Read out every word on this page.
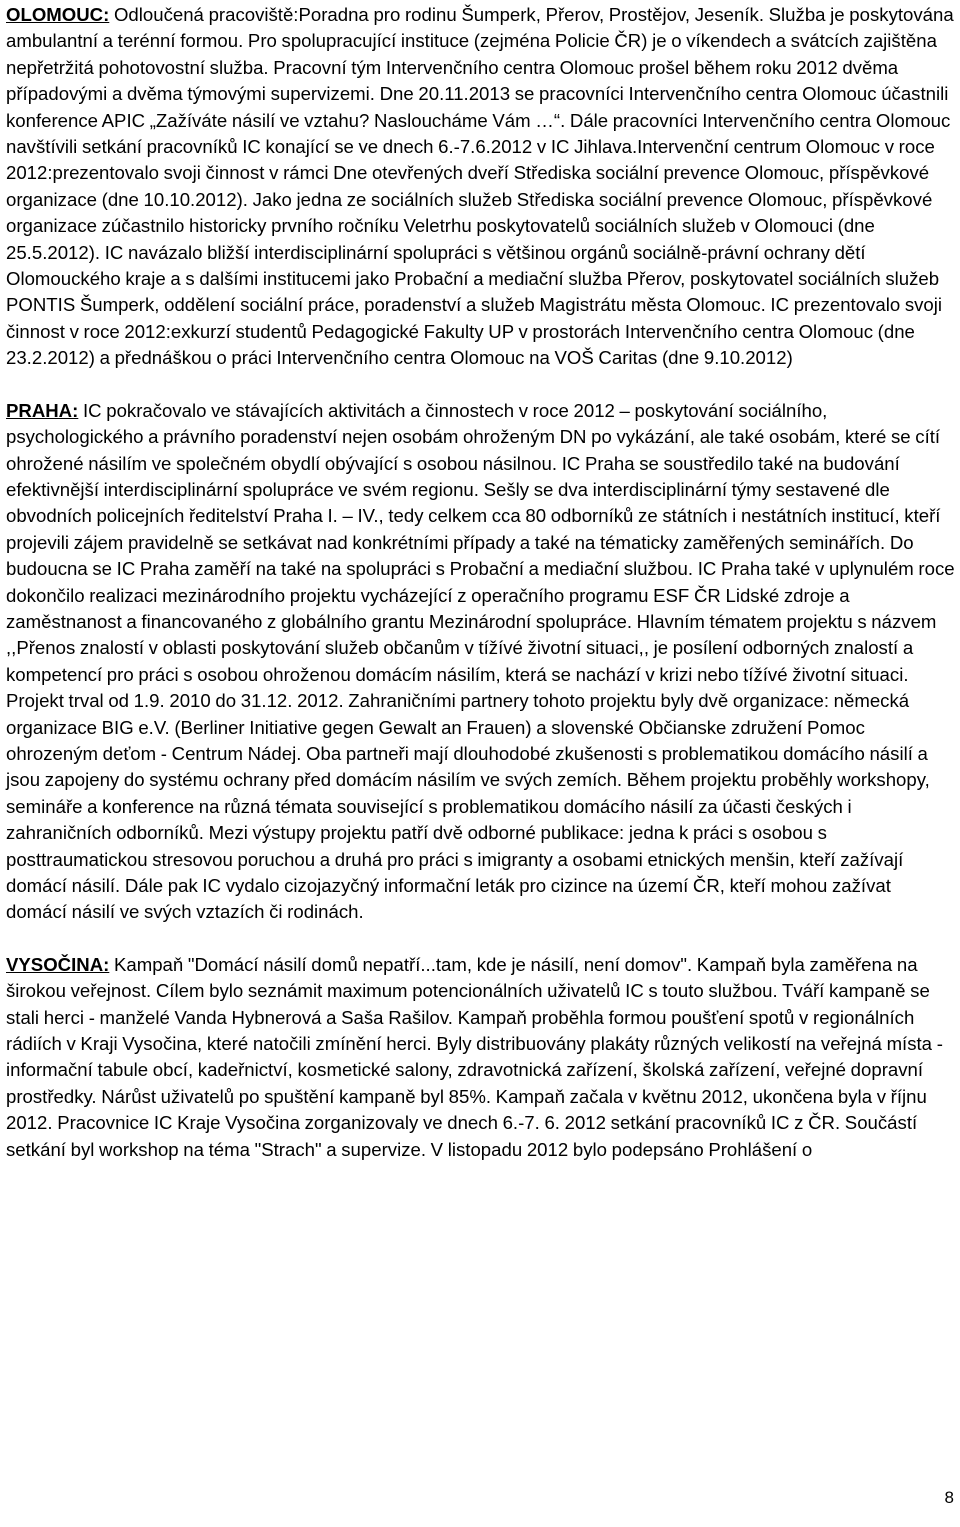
OLOMOUC: Odloučená pracoviště:Poradna pro rodinu Šumperk, Přerov, Prostějov, Jeseník. Služba je poskytována ambulantní a terénní formou. Pro spolupracující instituce (zejména Policie ČR) je o víkendech a svátcích zajištěna nepřetržitá pohotovostní služba. Pracovní tým Intervenčního centra Olomouc prošel během roku 2012 dvěma případovými a dvěma týmovými supervizemi. Dne 20.11.2013 se pracovníci Intervenčního centra Olomouc účastnili konference APIC „Zažíváte násilí ve vztahu? Nasloucháme Vám …“. Dále pracovníci Intervenčního centra Olomouc navštívili setkání pracovníků IC konající se ve dnech 6.-7.6.2012 v IC Jihlava.Intervenční centrum Olomouc v roce 2012:prezentovalo svoji činnost v rámci Dne otevřených dveří Střediska sociální prevence Olomouc, příspěvkové organizace (dne 10.10.2012). Jako jedna ze sociálních služeb Střediska sociální prevence Olomouc, příspěvkové organizace zúčastnilo historicky prvního ročníku Veletrhu poskytovatelů sociálních služeb v Olomouci (dne 25.5.2012). IC navázalo bližší interdisciplinární spolupráci s většinou orgánů sociálně-právní ochrany dětí Olomouckého kraje a s dalšími institucemi jako Probační a mediační služba Přerov, poskytovatel sociálních služeb PONTIS Šumperk, oddělení sociální práce, poradenství a služeb Magistrátu města Olomouc. IC prezentovalo svoji činnost v roce 2012:exkurzí studentů Pedagogické Fakulty UP v prostorách Intervenčního centra Olomouc (dne 23.2.2012) a přednáškou o práci Intervenčního centra Olomouc na VOŠ Caritas (dne 9.10.2012)

PRAHA: IC pokračovalo ve stávajících aktivitách a činnostech v roce 2012 – poskytování sociálního, psychologického a právního poradenství nejen osobám ohroženým DN po vykázání, ale také osobám, které se cítí ohrožené násilím ve společném obydlí obývající s osobou násilnou. IC Praha se soustředilo také na budování efektivnější interdisciplinární spolupráce ve svém regionu. Sešly se dva interdisciplinární týmy sestavené dle obvodních policejních ředitelství Praha I. – IV., tedy celkem cca 80 odborníků ze státních i nestátních institucí, kteří projevili zájem pravidelně se setkávat nad konkrétními případy a také na tématicky zaměřených seminářích. Do budoucna se IC Praha zaměří na také na spolupráci s Probační a mediační službou. IC Praha také v uplynulém roce dokončilo realizaci mezinárodního projektu vycházející z operačního programu ESF ČR Lidské zdroje a zaměstnanost a financovaného z globálního grantu Mezinárodní spolupráce. Hlavním tématem projektu s názvem ,,Přenos znalostí v oblasti poskytování služeb občanům v tížívé životní situaci,, je posílení odborných znalostí a kompetencí pro práci s osobou ohroženou domácím násilím, která se nachází v krizi nebo tížívé životní situaci. Projekt trval od 1.9. 2010 do 31.12. 2012. Zahraničními partnery tohoto projektu byly dvě organizace: německá organizace BIG e.V. (Berliner Initiative gegen Gewalt an Frauen) a slovenské Občianske združení Pomoc ohrozeným deťom - Centrum Nádej. Oba partneři mají dlouhodobé zkušenosti s problematikou domácího násilí a jsou zapojeny do systému ochrany před domácím násilím ve svých zemích. Během projektu proběhly workshopy, semináře a konference na různá témata související s problematikou domácího násilí za účasti českých i zahraničních odborníků. Mezi výstupy projektu patří dvě odborné publikace: jedna k práci s osobou s posttraumatickou stresovou poruchou a druhá pro práci s imigranty a osobami etnických menšin, kteří zažívají domácí násilí. Dále pak IC vydalo cizojazyčný informační leták pro cizince na území ČR, kteří mohou zažívat domácí násilí ve svých vztazích či rodinách.

VYSOČINA: Kampaň "Domácí násilí domů nepatří...tam, kde je násilí, není domov". Kampaň byla zaměřena na širokou veřejnost. Cílem bylo seznámit maximum potencionálních uživatelů IC s touto službou. Tváří kampaně se stali herci - manželé Vanda Hybnerová a Saša Rašilov. Kampaň proběhla formou poušťení spotů v regionálních rádiích v Kraji Vysočina, které natočili zmínění herci. Byly distribuovány plakáty různých velikostí na veřejná místa - informační tabule obcí, kadeřnictví, kosmetické salony, zdravotnická zařízení, školská zařízení, veřejné dopravní prostředky. Nárůst uživatelů po spuštění kampaně byl 85%. Kampaň začala v květnu 2012, ukončena byla v říjnu 2012. Pracovnice IC Kraje Vysočina zorganizovaly ve dnech 6.-7. 6. 2012 setkání pracovníků IC z ČR. Součástí setkání byl workshop na téma "Strach" a supervize. V listopadu 2012 bylo podepsáno Prohlášení o

8
